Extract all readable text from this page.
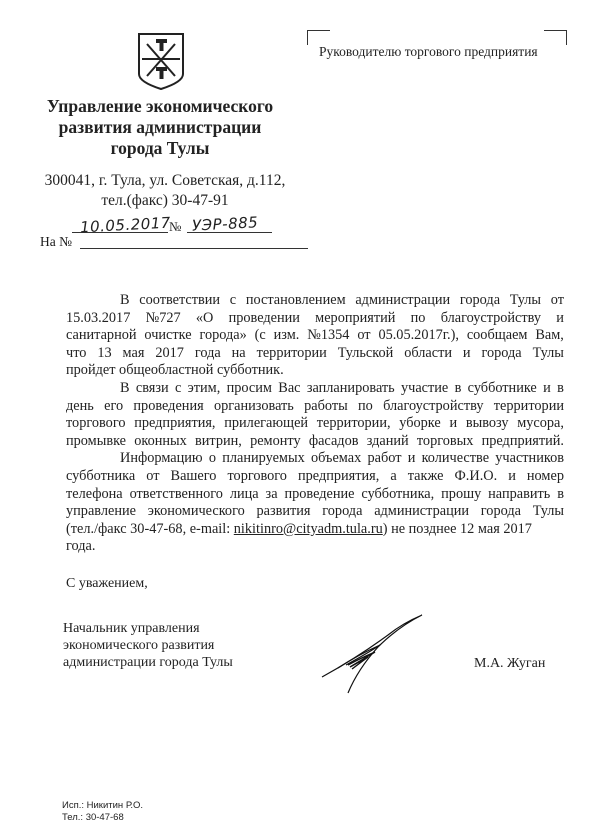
Управление экономического
развития администрации
города Тулы
300041, г. Тула, ул. Советская, д.112,
тел.(факс) 30-47-91
10.05.2017
№ УЭР-885
На №
Руководителю торгового предприятия
В соответствии с постановлением администрации города Тулы от
15.03.2017 №727 «О проведении мероприятий по благоустройству и
санитарной очистке города» (с изм. №1354 от 05.05.2017г.), сообщаем Вам,
что 13 мая 2017 года на территории Тульской области и города Тулы
пройдет общеобластной субботник.
В связи с этим, просим Вас запланировать участие в субботнике и в
день его проведения организовать работы по благоустройству территории
торгового предприятия, прилегающей территории, уборке и вывозу мусора,
промывке оконных витрин, ремонту фасадов зданий торговых предприятий.
Информацию о планируемых объемах работ и количестве участников
субботника от Вашего торгового предприятия, а также Ф.И.О. и номер
телефона ответственного лица за проведение субботника, прошу направить в
управление экономического развития города администрации города Тулы
(тел./факс 30-47-68, e-mail: nikitinro@cityadm.tula.ru ) не позднее 12 мая 2017
года.
С уважением,
Начальник управления
экономического развития
администрации города Тулы	М.А. Жуган
Исп.: Никитин Р.О.
Тел.: 30-47-68
